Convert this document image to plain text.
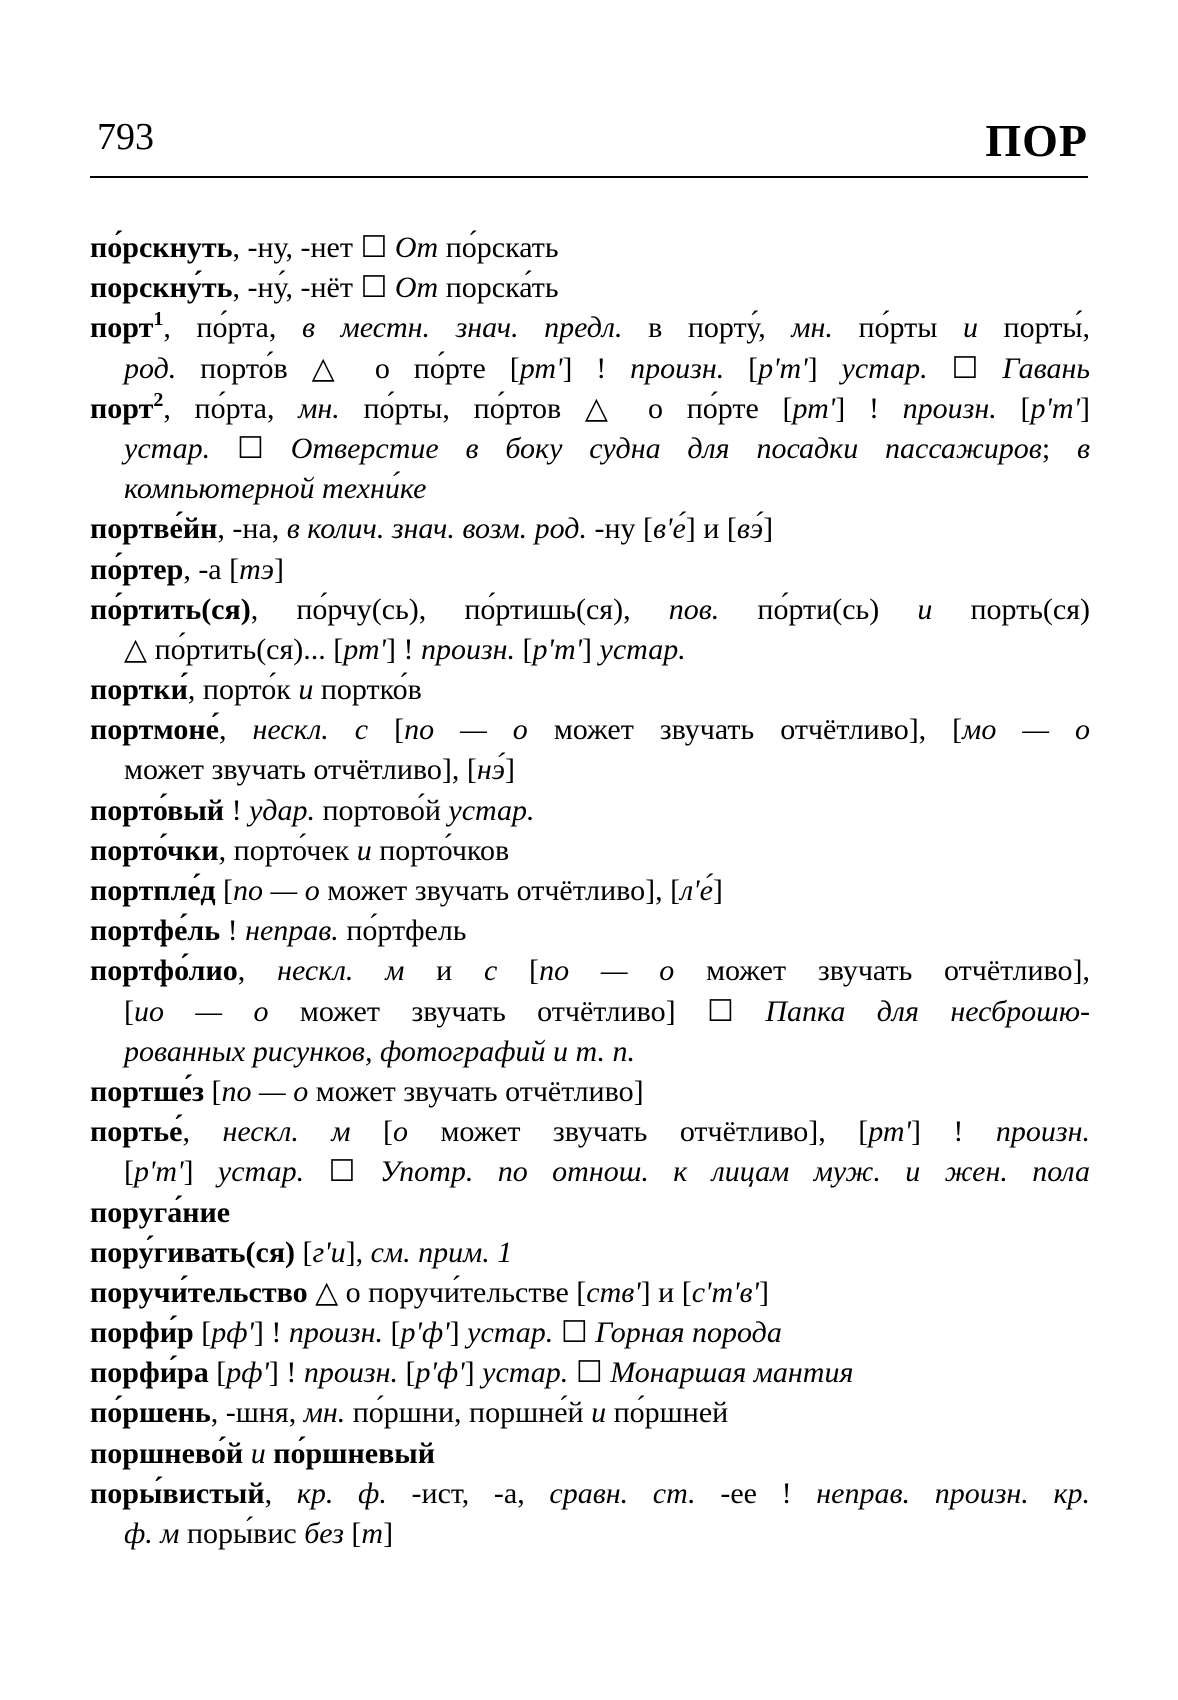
793	ПОР
по́рскнуть, -ну, -нет ☐ От по́рскать
порскну́ть, -ну́, -нёт ☐ От порска́ть
порт$^1$, по́рта, в местн. знач. предл. в порту́, мн. по́рты и порты́,
род. порто́в △ о по́рте [рт'] ! произн. [р'т'] устар. ☐ Гавань
порт$^2$, по́рта, мн. по́рты, по́ртов △ о по́рте [рт'] ! произн. [р'т']
устар. ☐ Отверстие в боку судна для посадки пассажиров; в
компьютерной техни́ке
портве́йн, -на, в колич. знач. возм. род. -ну [в'е́] и [вэ́]
по́ртер, -а [тэ]
по́ртить(ся), по́рчу(сь), по́ртишь(ся), пов. по́рти(сь) и порть(ся)
△ по́ртить(ся)... [рт'] ! произн. [р'т'] устар.
портки́, порто́к и портко́в
портмоне́, нескл. с [по — о может звучать отчётливо], [мо — о
может звучать отчётливо], [нэ́]
порто́вый ! удар. портово́й устар.
порто́чки, порто́чек и порто́чков
портпле́д [по — о может звучать отчётливо], [л'е́]
портфе́ль ! неправ. по́ртфель
портфо́лио, нескл. м и с [по — о может звучать отчётливо],
[ио — о может звучать отчётливо] ☐ Папка для несброшю-
рованных рисунков, фотографий и т. п.
портше́з [по — о может звучать отчётливо]
портье́, нескл. м [о может звучать отчётливо], [рт'] ! произн.
[р'т'] устар. ☐ Употр. по отнош. к лицам муж. и жен. пола
поруга́ние
пору́гивать(ся) [г'и], см. прим. 1
поручи́тельство △ о поручи́тельстве [ств'] и [с'т'в']
порфи́р [рф'] ! произн. [р'ф'] устар. ☐ Горная порода
порфи́ра [рф'] ! произн. [р'ф'] устар. ☐ Монаршая мантия
по́ршень, -шня, мн. по́ршни, поршне́й и по́ршней
поршнево́й и по́ршневый
поры́вистый, кр. ф. -ист, -а, сравн. ст. -ее ! неправ. произн. кр.
ф. м поры́вис без [т]
